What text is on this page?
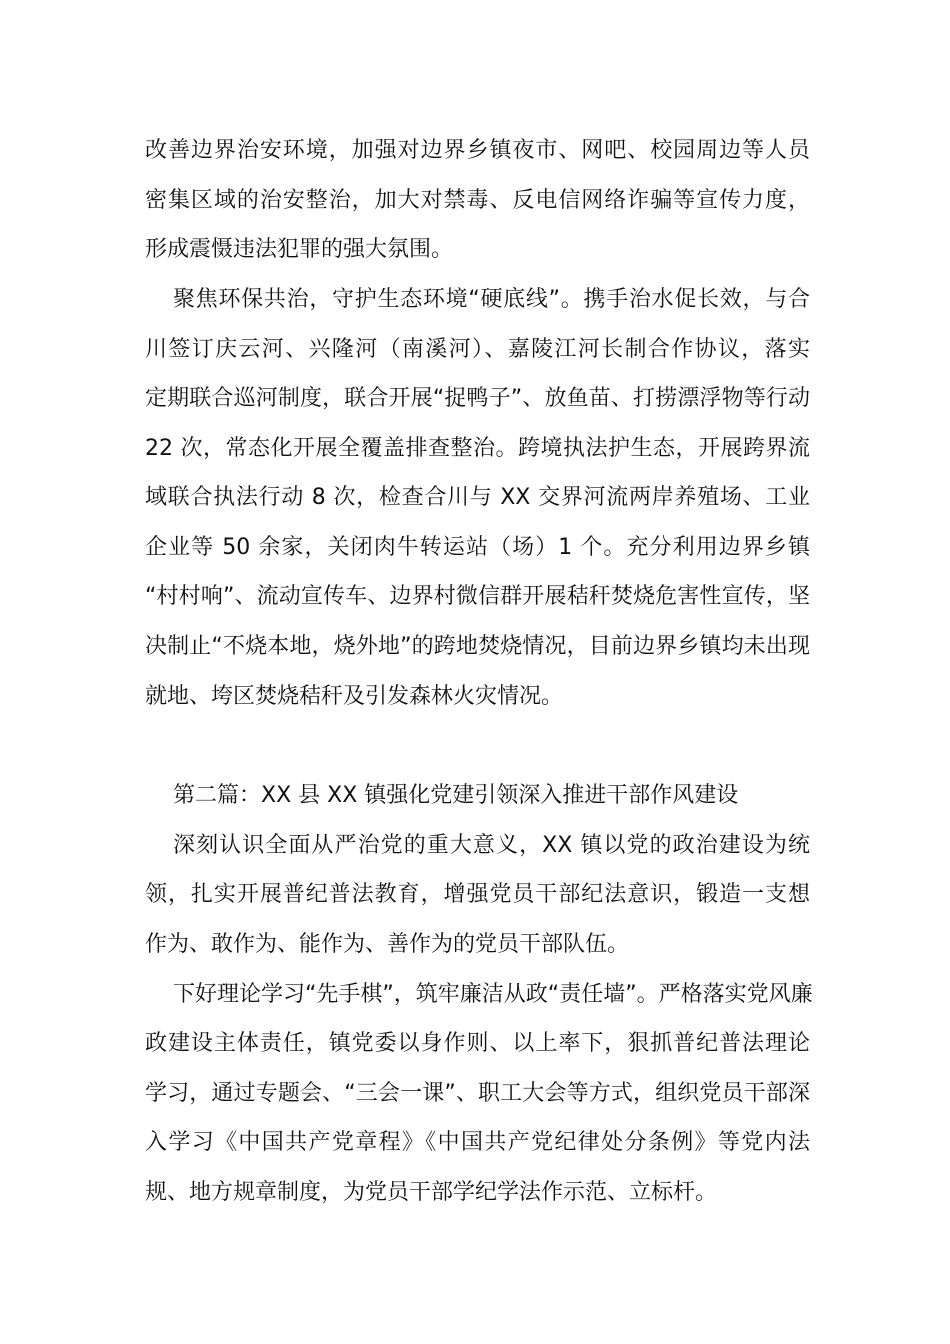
改善边界治安环境，加强对边界乡镇夜市、网吧、校园周边等人员

密集区域的治安整治，加大对禁毒、反电信网络诈骗等宣传力度，

形成震慑违法犯罪的强大氛围。

聚焦环保共治，守护生态环境“硬底线”。携手治水促长效，与合

川签订庆云河、兴隆河（南溪河）、嘉陵江河长制合作协议，落实

定期联合巡河制度，联合开展“捉鸭子”、放鱼苗、打捞漂浮物等行动

22 次，常态化开展全覆盖排查整治。跨境执法护生态，开展跨界流

域联合执法行动 8 次，检查合川与 XX 交界河流两岸养殖场、工业

企业等 50 余家，关闭肉牛转运站（场）1 个。充分利用边界乡镇

“村村响”、流动宣传车、边界村微信群开展秸秆焚烧危害性宣传，坚

决制止“不烧本地，烧外地”的跨地焚烧情况，目前边界乡镇均未出现

就地、垮区焚烧秸秆及引发森林火灾情况。

第二篇：XX 县 XX 镇强化党建引领深入推进干部作风建设

深刻认识全面从严治党的重大意义，XX 镇以党的政治建设为统

领，扎实开展普纪普法教育，增强党员干部纪法意识，锻造一支想

作为、敢作为、能作为、善作为的党员干部队伍。

下好理论学习“先手棋”，筑牢廉洁从政“责任墙”。严格落实党风廉

政建设主体责任，镇党委以身作则、以上率下，狠抓普纪普法理论

学习，通过专题会、“三会一课”、职工大会等方式，组织党员干部深

入学习《中国共产党章程》《中国共产党纪律处分条例》等党内法

规、地方规章制度，为党员干部学纪学法作示范、立标杆。
